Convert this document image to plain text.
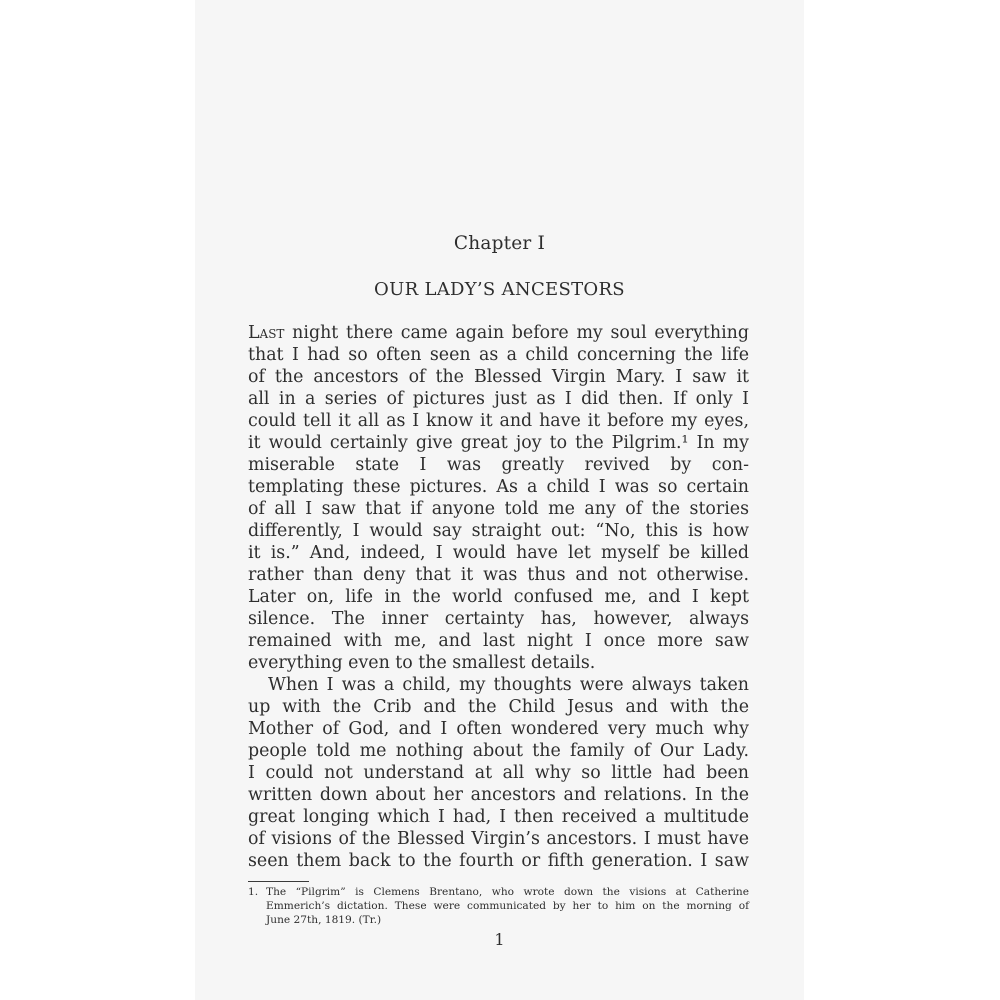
Chapter I
OUR LADY’S ANCESTORS
Last night there came again before my soul everything
that I had so often seen as a child concerning the life
of the ancestors of the Blessed Virgin Mary. I saw it
all in a series of pictures just as I did then. If only I
could tell it all as I know it and have it before my eyes,
it would certainly give great joy to the Pilgrim.¹ In my
miserable state I was greatly revived by con-
templating these pictures. As a child I was so certain
of all I saw that if anyone told me any of the stories
differently, I would say straight out: “No, this is how
it is.” And, indeed, I would have let myself be killed
rather than deny that it was thus and not otherwise.
Later on, life in the world confused me, and I kept
silence. The inner certainty has, however, always
remained with me, and last night I once more saw
everything even to the smallest details.
When I was a child, my thoughts were always taken
up with the Crib and the Child Jesus and with the
Mother of God, and I often wondered very much why
people told me nothing about the family of Our Lady.
I could not understand at all why so little had been
written down about her ancestors and relations. In the
great longing which I had, I then received a multitude
of visions of the Blessed Virgin’s ancestors. I must have
seen them back to the fourth or fifth generation. I saw
1. The “Pilgrim” is Clemens Brentano, who wrote down the visions at Catherine
Emmerich’s dictation. These were communicated by her to him on the morning of
June 27th, 1819. (Tr.)
1
